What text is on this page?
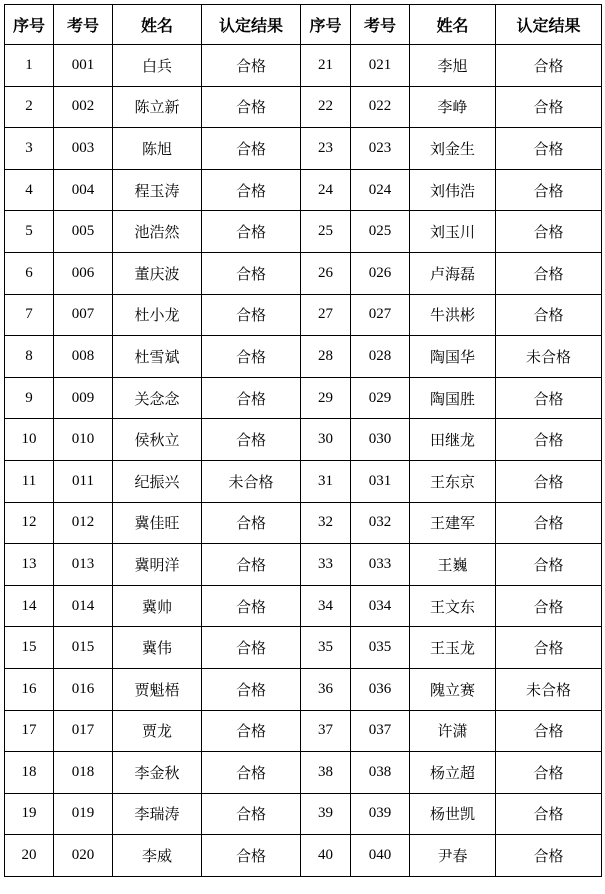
序号	考号	姓名	认定结果	序号	考号	姓名	认定结果
1	001	白兵	合格	21	021	李旭	合格
2	002	陈立新	合格	22	022	李峥	合格
3	003	陈旭	合格	23	023	刘金生	合格
4	004	程玉涛	合格	24	024	刘伟浩	合格
5	005	池浩然	合格	25	025	刘玉川	合格
6	006	董庆波	合格	26	026	卢海磊	合格
7	007	杜小龙	合格	27	027	牛洪彬	合格
8	008	杜雪斌	合格	28	028	陶国华	未合格
9	009	关念念	合格	29	029	陶国胜	合格
10	010	侯秋立	合格	30	030	田继龙	合格
11	011	纪振兴	未合格	31	031	王东京	合格
12	012	冀佳旺	合格	32	032	王建军	合格
13	013	冀明洋	合格	33	033	王巍	合格
14	014	冀帅	合格	34	034	王文东	合格
15	015	冀伟	合格	35	035	王玉龙	合格
16	016	贾魁梧	合格	36	036	隗立赛	未合格
17	017	贾龙	合格	37	037	许潇	合格
18	018	李金秋	合格	38	038	杨立超	合格
19	019	李瑞涛	合格	39	039	杨世凯	合格
20	020	李威	合格	40	040	尹春	合格
